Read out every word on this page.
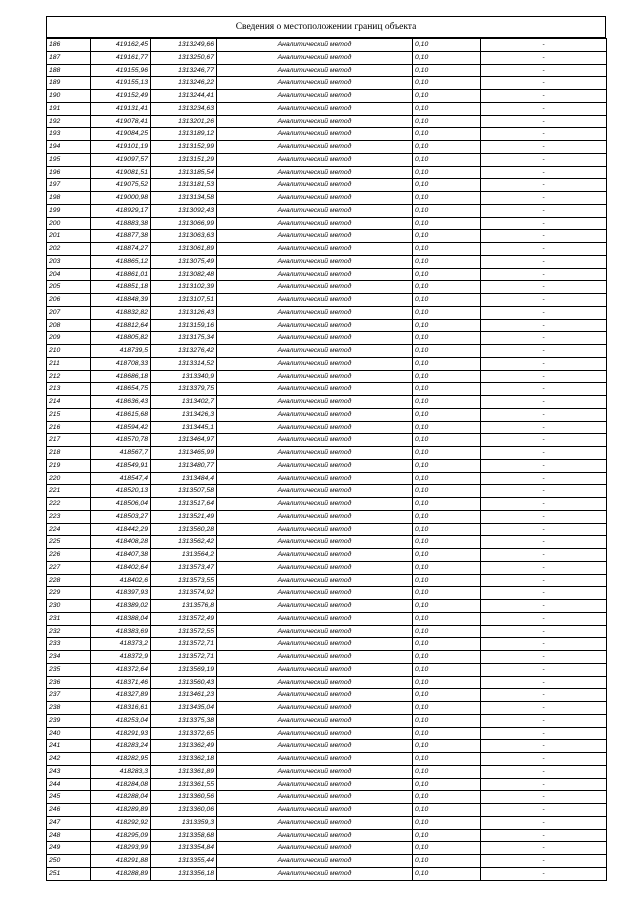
Сведения о местоположении границ объекта
186	419162,45	1313249,66	Аналитический метод	0,10	-
187	419161,77	1313250,67	Аналитический метод	0,10	-
188	419155,96	1313246,77	Аналитический метод	0,10	-
189	419155,13	1313246,22	Аналитический метод	0,10	-
190	419152,49	1313244,41	Аналитический метод	0,10	-
191	419131,41	1313234,63	Аналитический метод	0,10	-
192	419078,41	1313201,26	Аналитический метод	0,10	-
193	419084,25	1313189,12	Аналитический метод	0,10	-
194	419101,19	1313152,99	Аналитический метод	0,10	-
195	419097,57	1313151,29	Аналитический метод	0,10	-
196	419081,51	1313185,54	Аналитический метод	0,10	-
197	419075,52	1313181,53	Аналитический метод	0,10	-
198	419000,98	1313134,58	Аналитический метод	0,10	-
199	418929,17	1313092,43	Аналитический метод	0,10	-
200	418883,38	1313066,99	Аналитический метод	0,10	-
201	418877,38	1313063,63	Аналитический метод	0,10	-
202	418874,27	1313061,89	Аналитический метод	0,10	-
203	418865,12	1313075,49	Аналитический метод	0,10	-
204	418861,01	1313082,48	Аналитический метод	0,10	-
205	418851,18	1313102,39	Аналитический метод	0,10	-
206	418848,39	1313107,51	Аналитический метод	0,10	-
207	418832,82	1313126,43	Аналитический метод	0,10	-
208	418812,64	1313159,16	Аналитический метод	0,10	-
209	418805,82	1313175,34	Аналитический метод	0,10	-
210	418739,5	1313276,42	Аналитический метод	0,10	-
211	418708,33	1313314,52	Аналитический метод	0,10	-
212	418686,18	1313340,9	Аналитический метод	0,10	-
213	418654,75	1313379,75	Аналитический метод	0,10	-
214	418636,43	1313402,7	Аналитический метод	0,10	-
215	418615,68	1313426,3	Аналитический метод	0,10	-
216	418594,42	1313445,1	Аналитический метод	0,10	-
217	418570,78	1313464,97	Аналитический метод	0,10	-
218	418567,7	1313465,99	Аналитический метод	0,10	-
219	418549,91	1313480,77	Аналитический метод	0,10	-
220	418547,4	1313484,4	Аналитический метод	0,10	-
221	418520,13	1313507,58	Аналитический метод	0,10	-
222	418506,04	1313517,64	Аналитический метод	0,10	-
223	418503,27	1313521,49	Аналитический метод	0,10	-
224	418442,29	1313560,28	Аналитический метод	0,10	-
225	418408,28	1313562,42	Аналитический метод	0,10	-
226	418407,38	1313564,2	Аналитический метод	0,10	-
227	418402,64	1313573,47	Аналитический метод	0,10	-
228	418402,6	1313573,55	Аналитический метод	0,10	-
229	418397,93	1313574,92	Аналитический метод	0,10	-
230	418389,02	1313576,8	Аналитический метод	0,10	-
231	418388,04	1313572,49	Аналитический метод	0,10	-
232	418383,69	1313572,55	Аналитический метод	0,10	-
233	418373,2	1313572,71	Аналитический метод	0,10	-
234	418372,9	1313572,71	Аналитический метод	0,10	-
235	418372,64	1313569,19	Аналитический метод	0,10	-
236	418371,46	1313560,43	Аналитический метод	0,10	-
237	418327,89	1313461,23	Аналитический метод	0,10	-
238	418316,61	1313435,04	Аналитический метод	0,10	-
239	418253,04	1313375,38	Аналитический метод	0,10	-
240	418291,93	1313372,65	Аналитический метод	0,10	-
241	418283,24	1313362,49	Аналитический метод	0,10	-
242	418282,95	1313362,18	Аналитический метод	0,10	-
243	418283,3	1313361,89	Аналитический метод	0,10	-
244	418284,08	1313361,55	Аналитический метод	0,10	-
245	418288,04	1313360,56	Аналитический метод	0,10	-
246	418289,89	1313360,06	Аналитический метод	0,10	-
247	418292,92	1313359,3	Аналитический метод	0,10	-
248	418295,09	1313358,68	Аналитический метод	0,10	-
249	418293,99	1313354,84	Аналитический метод	0,10	-
250	418291,88	1313355,44	Аналитический метод	0,10	-
251	418288,89	1313356,18	Аналитический метод	0,10	-
